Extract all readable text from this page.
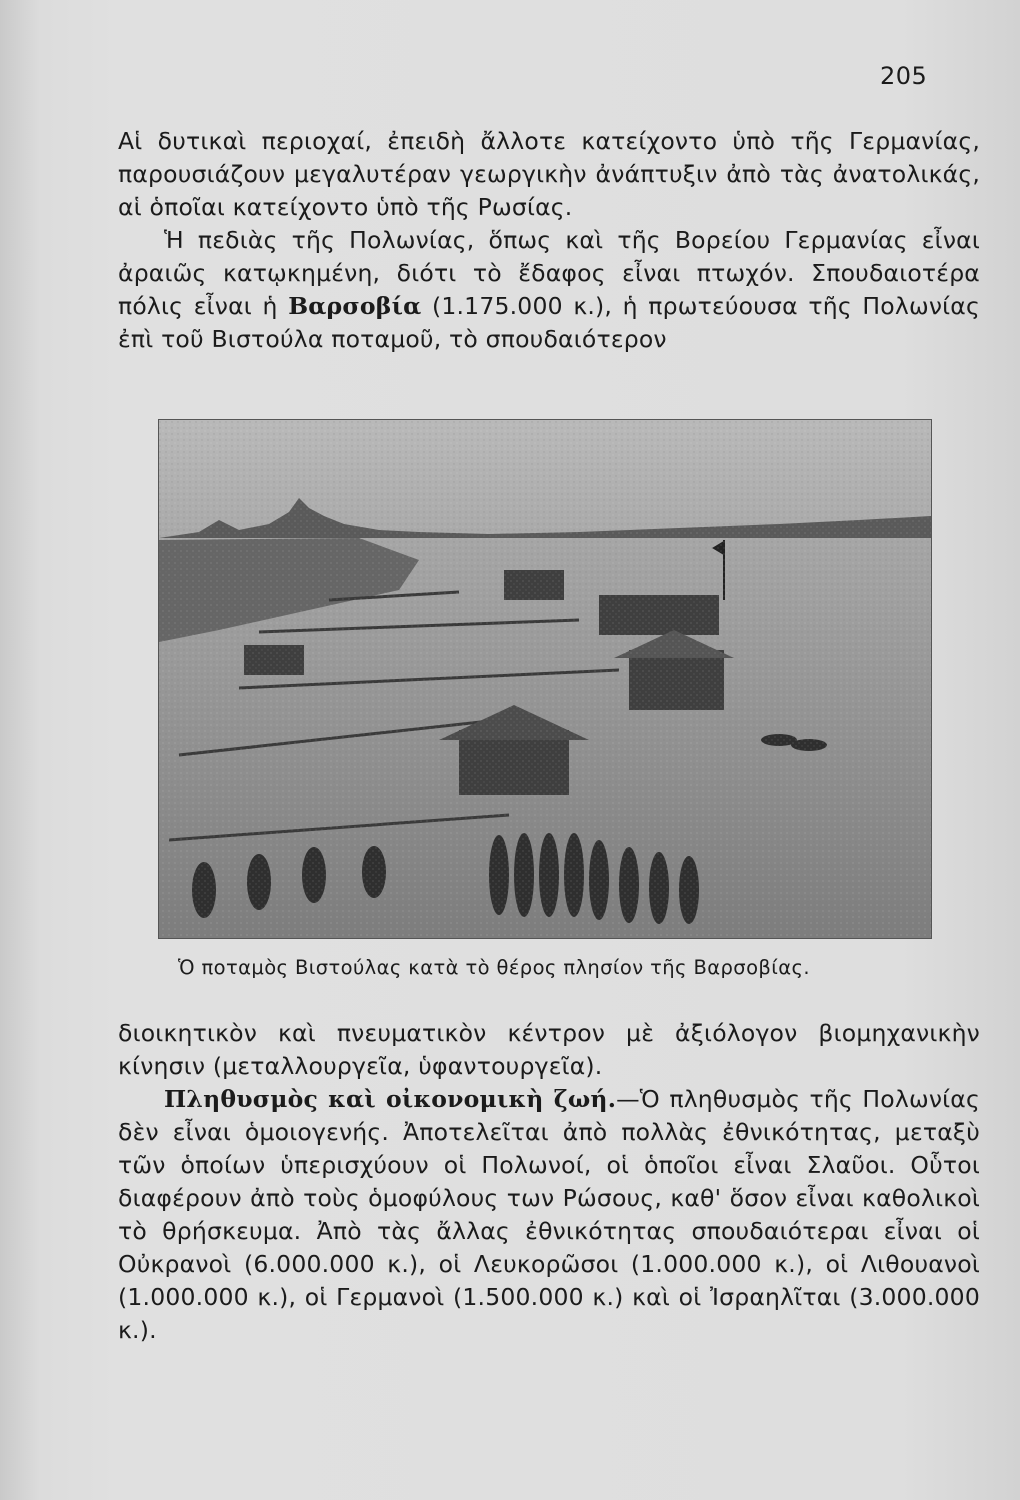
205

Αἱ δυτικαὶ περιοχαί, ἐπειδὴ ἄλλοτε κατείχοντο ὑπὸ τῆς Γερμανίας, παρουσιάζουν μεγαλυτέραν γεωργικὴν ἀνάπτυξιν ἀπὸ τὰς ἀνατολικάς, αἱ ὁποῖαι κατείχοντο ὑπὸ τῆς Ρωσίας.

Ἡ πεδιὰς τῆς Πολωνίας, ὅπως καὶ τῆς Βορείου Γερμανίας εἶναι ἀραιῶς κατῳκημένη, διότι τὸ ἔδαφος εἶναι πτωχόν. Σπουδαιοτέρα πόλις εἶναι ἡ Βαρσοβία (1.175.000 κ.), ἡ πρωτεύουσα τῆς Πολωνίας ἐπὶ τοῦ Βιστούλα ποταμοῦ, τὸ σπουδαιότερον

Ὁ ποταμὸς Βιστούλας κατὰ τὸ θέρος πλησίον τῆς Βαρσοβίας.

διοικητικὸν καὶ πνευματικὸν κέντρον μὲ ἀξιόλογον βιομηχανικὴν κίνησιν (μεταλλουργεῖα, ὑφαντουργεῖα).

Πληθυσμὸς καὶ οἰκονομικὴ ζωή.—Ὁ πληθυσμὸς τῆς Πολωνίας δὲν εἶναι ὁμοιογενής. Ἀποτελεῖται ἀπὸ πολλὰς ἐθνικότητας, μεταξὺ τῶν ὁποίων ὑπερισχύουν οἱ Πολωνοί, οἱ ὁποῖοι εἶναι Σλαῦοι. Οὗτοι διαφέρουν ἀπὸ τοὺς ὁμοφύλους των Ρώσους, καθ' ὅσον εἶναι καθολικοὶ τὸ θρήσκευμα. Ἀπὸ τὰς ἄλλας ἐθνικότητας σπουδαιότεραι εἶναι οἱ Οὐκρανοὶ (6.000.000 κ.), οἱ Λευκορῶσοι (1.000.000 κ.), οἱ Λιθουανοὶ (1.000.000 κ.), οἱ Γερμανοὶ (1.500.000 κ.) καὶ οἱ Ἰσραηλῖται (3.000.000 κ.).
